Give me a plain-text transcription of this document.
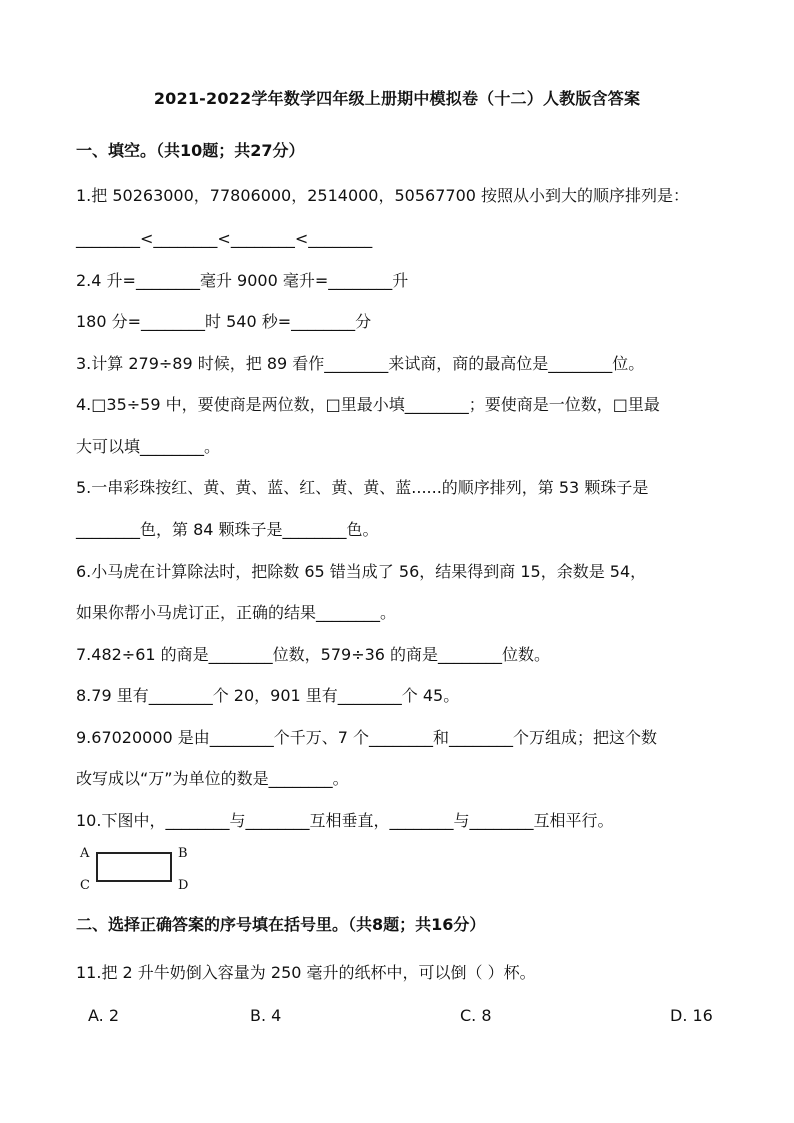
2021-2022学年数学四年级上册期中模拟卷（十二）人教版含答案
一、填空。（共10题；共27分）
1.把 50263000，77806000，2514000，50567700 按照从小到大的顺序排列是：
________<________<________<________
2.4 升=________毫升 9000 毫升=________升
180 分=________时 540 秒=________分
3.计算 279÷89 时候，把 89 看作________来试商，商的最高位是________位。
4.□35÷59 中，要使商是两位数，□里最小填________；要使商是一位数，□里最
大可以填________。
5.一串彩珠按红、黄、黄、蓝、红、黄、黄、蓝......的顺序排列，第 53 颗珠子是
________色，第 84 颗珠子是________色。
6.小马虎在计算除法时，把除数 65 错当成了 56，结果得到商 15，余数是 54，
如果你帮小马虎订正，正确的结果________。
7.482÷61 的商是________位数，579÷36 的商是________位数。
8.79 里有________个 20，901 里有________个 45。
9.67020000 是由________个千万、7 个________和________个万组成；把这个数
改写成以“万”为单位的数是________。
10.下图中，________与________互相垂直，________与________互相平行。
A	B
C	D
二、选择正确答案的序号填在括号里。（共8题；共16分）
11.把 2 升牛奶倒入容量为 250 毫升的纸杯中，可以倒（ ）杯。
A. 2	B. 4	C. 8	D. 16
